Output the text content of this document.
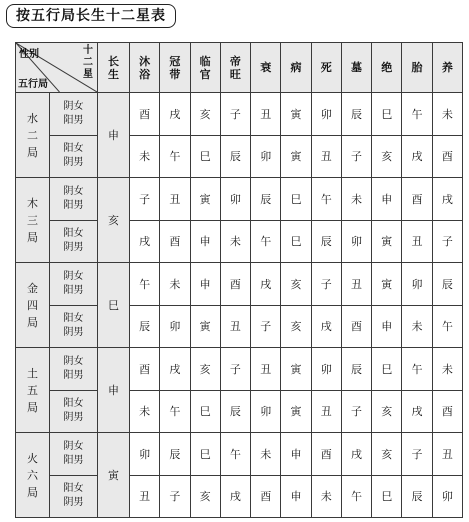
按五行局长生十二星表
性别 十二
星
五行局		长
生	沐
浴	冠
带	临
官	帝
旺	衰	病	死	墓	绝	胎	养

水
二
局	阴女
阳男	申	酉	戌	亥	子	丑	寅	卯	辰	巳	午	未

	阳女
阴男		未	午	巳	辰	卯	寅	丑	子	亥	戌	酉

木
三
局	阴女
阳男	亥	子	丑	寅	卯	辰	巳	午	未	申	酉	戌

	阳女
阴男		戌	酉	申	未	午	巳	辰	卯	寅	丑	子

金
四
局	阴女
阳男	巳	午	未	申	酉	戌	亥	子	丑	寅	卯	辰

	阳女
阴男		辰	卯	寅	丑	子	亥	戌	酉	申	未	午

土
五
局	阴女
阳男	申	酉	戌	亥	子	丑	寅	卯	辰	巳	午	未

	阳女
阴男		未	午	巳	辰	卯	寅	丑	子	亥	戌	酉

火
六
局	阴女
阳男	寅	卯	辰	巳	午	未	申	酉	戌	亥	子	丑

	阳女
阴男		丑	子	亥	戌	酉	申	未	午	巳	辰	卯
